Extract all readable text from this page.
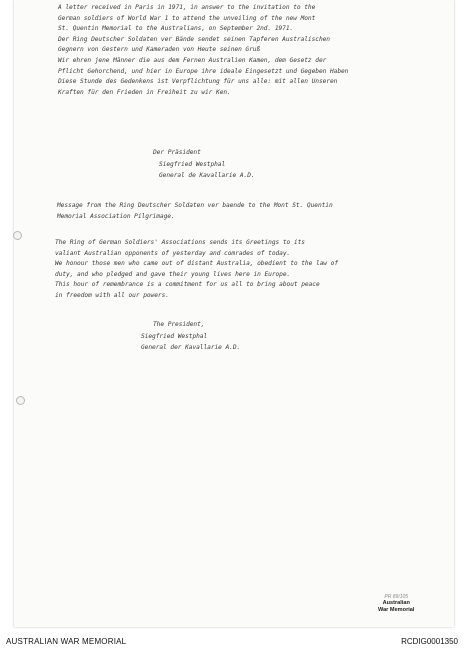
A letter received in Paris in 1971, in answer to the invitation to the
German soldiers of World War 1 to attend the unveiling of the new Mont
St. Quentin Memorial to the Australians, on September 2nd. 1971.
Der Ring Deutscher Soldaten ver Bände sendet seinen Tapferen Australischen
Gegnern von Gestern und Kameraden von Heute seinen Gruß
Wir ehren jene Männer die aus dem Fernen Australien Kamen, dem Gesetz der
Pflicht Gehorchend, und hier in Europe ihre ideale Eingesetzt und Gegeben Haben
Diese Stunde des Gedenkens ist Verpflichtung für uns alle: mit allen Unseren
Kraften für den Frieden in Freiheit zu wir Ken.
Der Präsident
Siegfried Westphal
General de Kavallarie A.D.
Message from the Ring Deutscher Soldaten ver baende to the Mont St. Quentin
Memorial Association Pilgrimage.
The Ring of German Soldiers' Associations sends its Greetings to its
valiant Australian opponents of yesterday and comrades of today.
We honour those men who came out of distant Australia, obedient to the law of
duty, and who pledged and gave their young lives here in Europe.
This hour of remembrance is a commitment for us all to bring about peace
in freedom with all our powers.
The President,
Siegfried Westphal
General der Kavallarie A.D.
PR 89/105
Australian
War Memorial
AUSTRALIAN WAR MEMORIAL	RCDIG0001350
